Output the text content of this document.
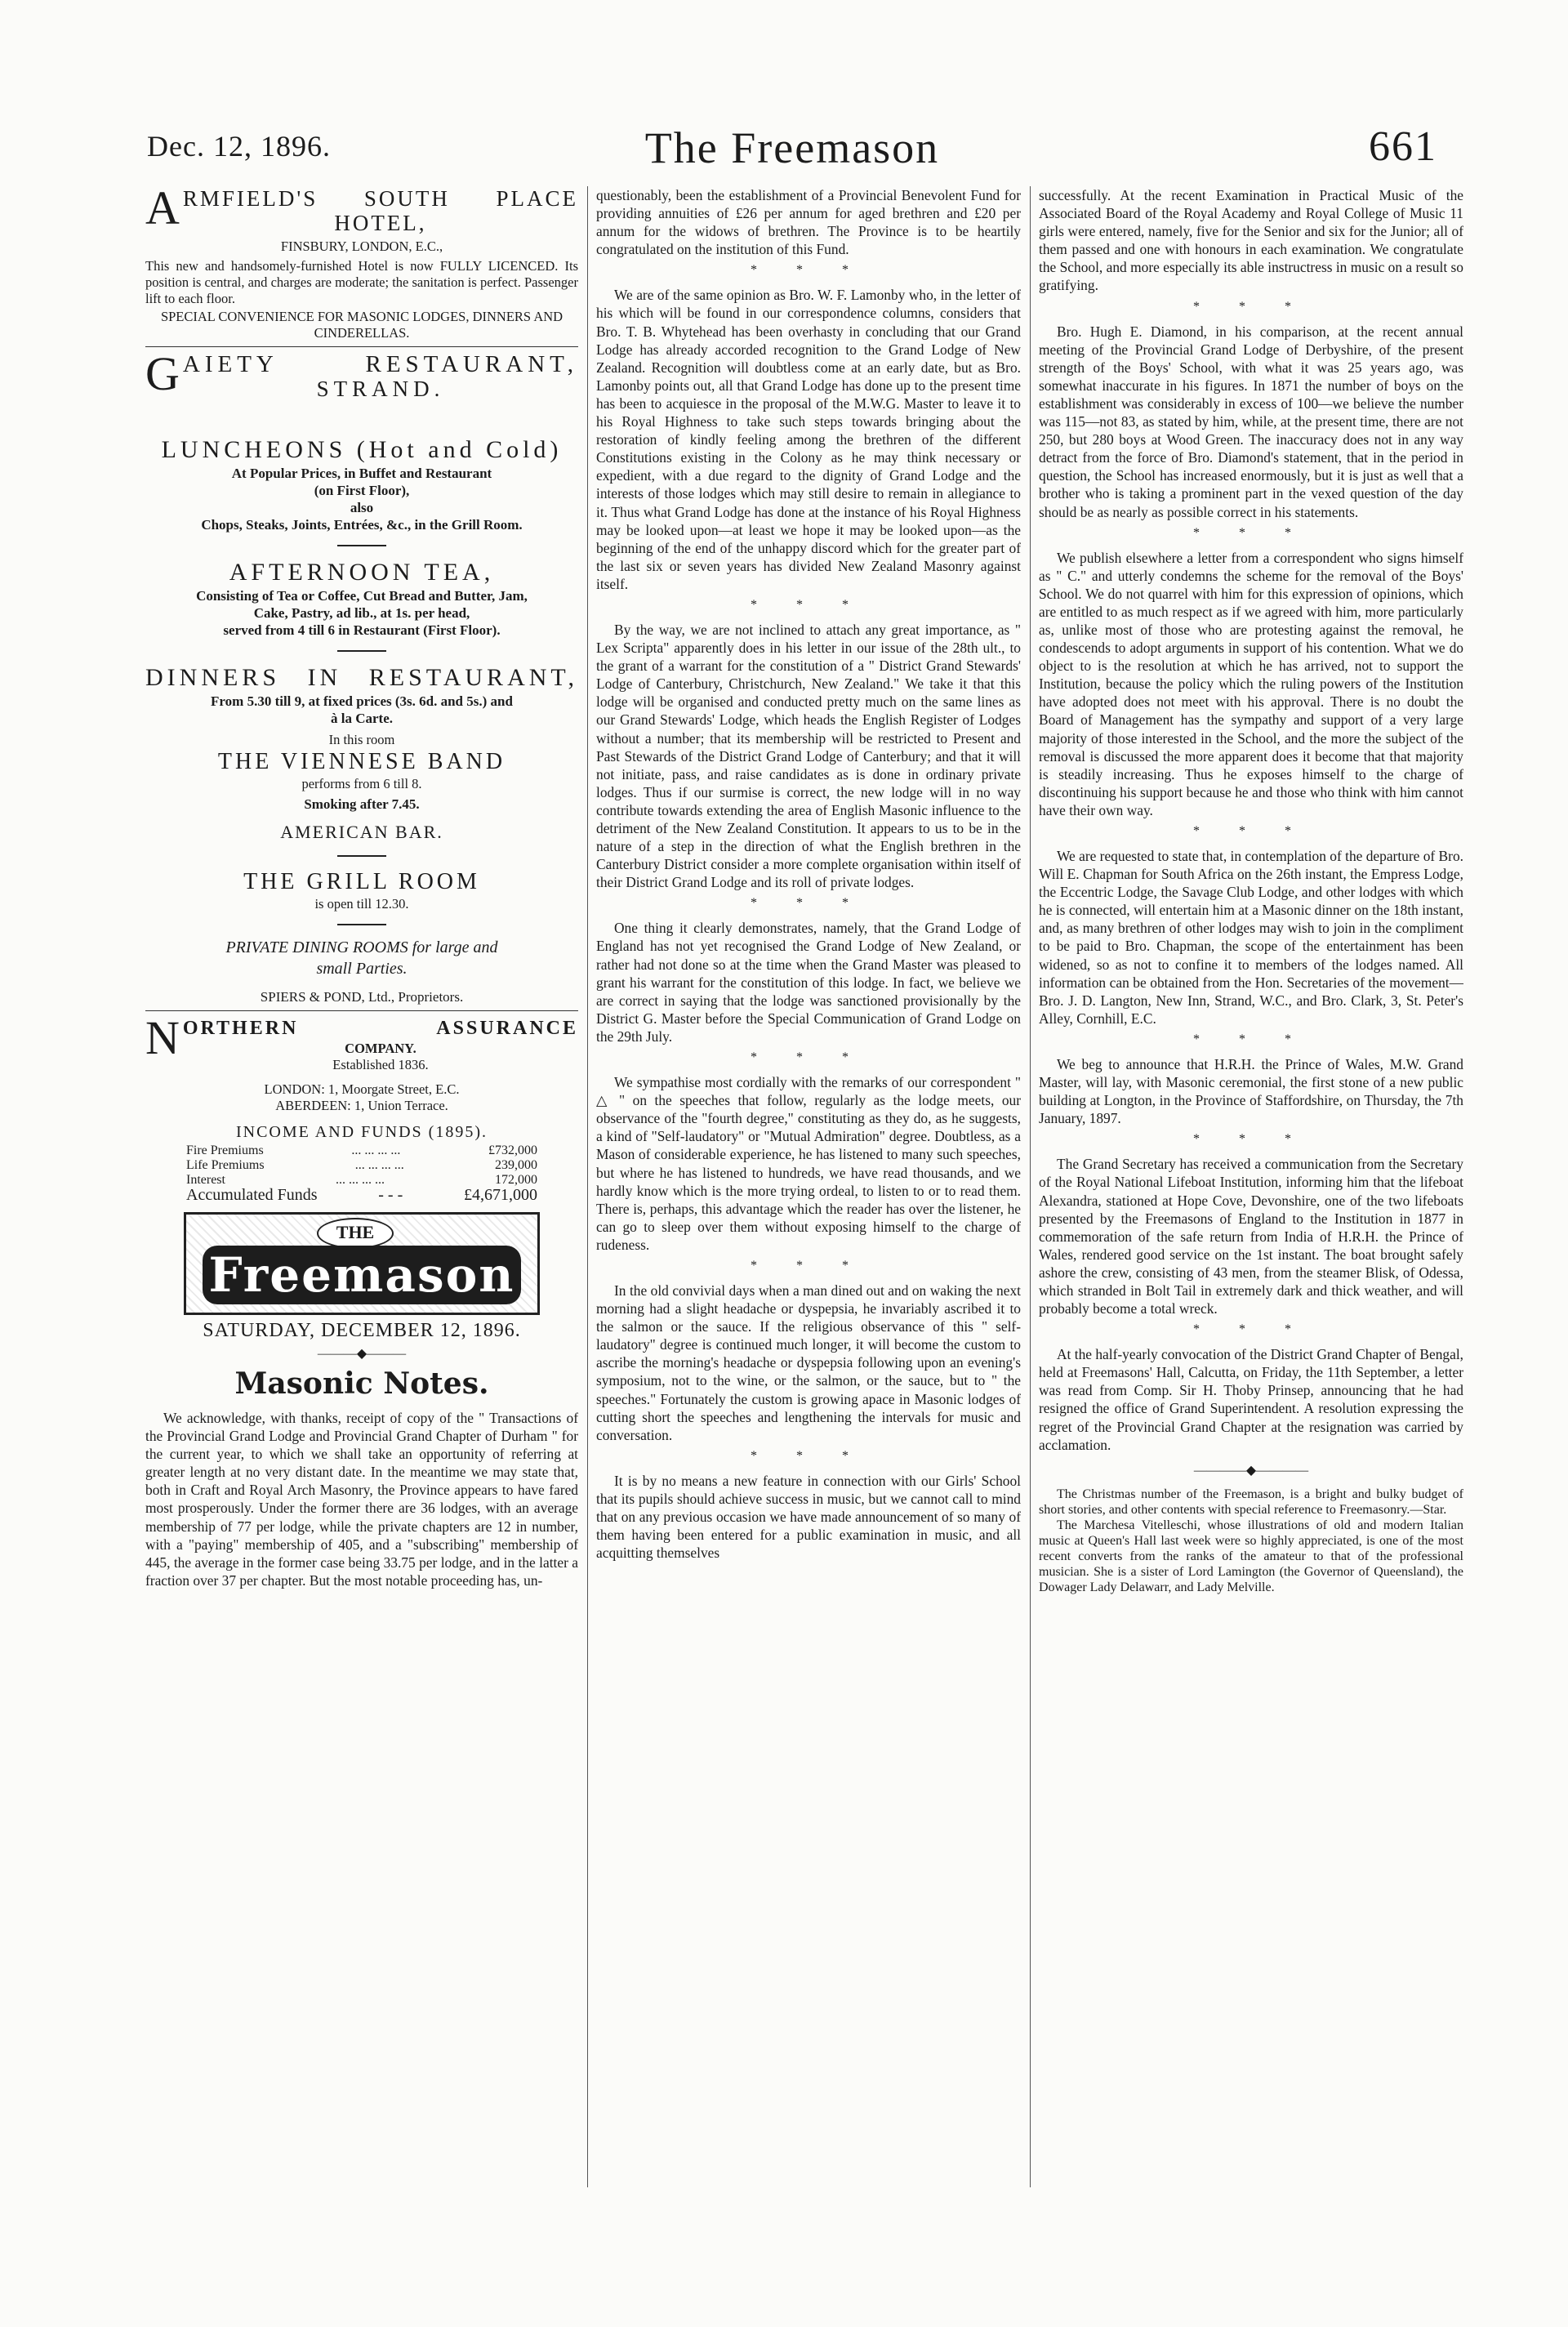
Dec. 12, 1896.	The Freemason	661
A RMFIELD'S SOUTH PLACE
HOTEL,
FINSBURY, LONDON, E.C.,
This new and handsomely-furnished Hotel is now FULLY LICENCED. Its position is central, and charges are moderate; the sanitation is perfect. Passenger lift to each floor.
SPECIAL CONVENIENCE FOR MASONIC LODGES, DINNERS AND CINDERELLAS.
G AIETY RESTAURANT,
STRAND.
LUNCHEONS (Hot and Cold)
At Popular Prices, in Buffet and Restaurant
(on First Floor),
also
Chops, Steaks, Joints, Entrées, &c., in the Grill Room.
AFTERNOON TEA,
Consisting of Tea or Coffee, Cut Bread and Butter, Jam,
Cake, Pastry, ad lib., at 1s. per head,
served from 4 till 6 in Restaurant (First Floor).
DINNERS IN RESTAURANT,
From 5.30 till 9, at fixed prices (3s. 6d. and 5s.) and
à la Carte.
In this room
THE VIENNESE BAND
performs from 6 till 8.
Smoking after 7.45.
AMERICAN BAR.
THE GRILL ROOM
is open till 12.30.
PRIVATE DINING ROOMS for large and
small Parties.
SPIERS & POND, Ltd., Proprietors.
N ORTHERN ASSURANCE
COMPANY.
Established 1836.
LONDON: 1, Moorgate Street, E.C.
ABERDEEN: 1, Union Terrace.
INCOME AND FUNDS (1895).
Fire Premiums	... ... ... ...	£732,000
Life Premiums	... ... ... ...	239,000
Interest	... ... ... ...	172,000
Accumulated Funds	- - -	£4,671,000
THE
Freemason
SATURDAY, DECEMBER 12, 1896.
———◆———
Masonic Notes.

We acknowledge, with thanks, receipt of copy of the " Transactions of the Provincial Grand Lodge and Provincial Grand Chapter of Durham " for the current year, to which we shall take an opportunity of referring at greater length at no very distant date. In the meantime we may state that, both in Craft and Royal Arch Masonry, the Province appears to have fared most prosperously. Under the former there are 36 lodges, with an average membership of 77 per lodge, while the private chapters are 12 in number, with a "paying" membership of 405, and a "subscribing" membership of 445, the average in the former case being 33.75 per lodge, and in the latter a fraction over 37 per chapter. But the most notable proceeding has, un-

questionably, been the establishment of a Provincial Benevolent Fund for providing annuities of £26 per annum for aged brethren and £20 per annum for the widows of brethren. The Province is to be heartily congratulated on the institution of this Fund.

* * *

We are of the same opinion as Bro. W. F. Lamonby who, in the letter of his which will be found in our correspondence columns, considers that Bro. T. B. Whytehead has been overhasty in concluding that our Grand Lodge has already accorded recognition to the Grand Lodge of New Zealand. Recognition will doubtless come at an early date, but as Bro. Lamonby points out, all that Grand Lodge has done up to the present time has been to acquiesce in the proposal of the M.W.G. Master to leave it to his Royal Highness to take such steps towards bringing about the restoration of kindly feeling among the brethren of the different Constitutions existing in the Colony as he may think necessary or expedient, with a due regard to the dignity of Grand Lodge and the interests of those lodges which may still desire to remain in allegiance to it. Thus what Grand Lodge has done at the instance of his Royal Highness may be looked upon—at least we hope it may be looked upon—as the beginning of the end of the unhappy discord which for the greater part of the last six or seven years has divided New Zealand Masonry against itself.

* * *

By the way, we are not inclined to attach any great importance, as " Lex Scripta" apparently does in his letter in our issue of the 28th ult., to the grant of a warrant for the constitution of a " District Grand Stewards' Lodge of Canterbury, Christchurch, New Zealand." We take it that this lodge will be organised and conducted pretty much on the same lines as our Grand Stewards' Lodge, which heads the English Register of Lodges without a number; that its membership will be restricted to Present and Past Stewards of the District Grand Lodge of Canterbury; and that it will not initiate, pass, and raise candidates as is done in ordinary private lodges. Thus if our surmise is correct, the new lodge will in no way contribute towards extending the area of English Masonic influence to the detriment of the New Zealand Constitution. It appears to us to be in the nature of a step in the direction of what the English brethren in the Canterbury District consider a more complete organisation within itself of their District Grand Lodge and its roll of private lodges.

* * *

One thing it clearly demonstrates, namely, that the Grand Lodge of England has not yet recognised the Grand Lodge of New Zealand, or rather had not done so at the time when the Grand Master was pleased to grant his warrant for the constitution of this lodge. In fact, we believe we are correct in saying that the lodge was sanctioned provisionally by the District G. Master before the Special Communication of Grand Lodge on the 29th July.

* * *

We sympathise most cordially with the remarks of our correspondent " △ " on the speeches that follow, regularly as the lodge meets, our observance of the "fourth degree," constituting as they do, as he suggests, a kind of "Self-laudatory" or "Mutual Admiration" degree. Doubtless, as a Mason of considerable experience, he has listened to many such speeches, but where he has listened to hundreds, we have read thousands, and we hardly know which is the more trying ordeal, to listen to or to read them. There is, perhaps, this advantage which the reader has over the listener, he can go to sleep over them without exposing himself to the charge of rudeness.

* * *

In the old convivial days when a man dined out and on waking the next morning had a slight headache or dyspepsia, he invariably ascribed it to the salmon or the sauce. If the religious observance of this " self-laudatory" degree is continued much longer, it will become the custom to ascribe the morning's headache or dyspepsia following upon an evening's symposium, not to the wine, or the salmon, or the sauce, but to " the speeches." Fortunately the custom is growing apace in Masonic lodges of cutting short the speeches and lengthening the intervals for music and conversation.

* * *

It is by no means a new feature in connection with our Girls' School that its pupils should achieve success in music, but we cannot call to mind that on any previous occasion we have made announcement of so many of them having been entered for a public examination in music, and all acquitting themselves

successfully. At the recent Examination in Practical Music of the Associated Board of the Royal Academy and Royal College of Music 11 girls were entered, namely, five for the Senior and six for the Junior; all of them passed and one with honours in each examination. We congratulate the School, and more especially its able instructress in music on a result so gratifying.

* * *

Bro. Hugh E. Diamond, in his comparison, at the recent annual meeting of the Provincial Grand Lodge of Derbyshire, of the present strength of the Boys' School, with what it was 25 years ago, was somewhat inaccurate in his figures. In 1871 the number of boys on the establishment was considerably in excess of 100—we believe the number was 115—not 83, as stated by him, while, at the present time, there are not 250, but 280 boys at Wood Green. The inaccuracy does not in any way detract from the force of Bro. Diamond's statement, that in the period in question, the School has increased enormously, but it is just as well that a brother who is taking a prominent part in the vexed question of the day should be as nearly as possible correct in his statements.

* * *

We publish elsewhere a letter from a correspondent who signs himself as " C." and utterly condemns the scheme for the removal of the Boys' School. We do not quarrel with him for this expression of opinions, which are entitled to as much respect as if we agreed with him, more particularly as, unlike most of those who are protesting against the removal, he condescends to adopt arguments in support of his contention. What we do object to is the resolution at which he has arrived, not to support the Institution, because the policy which the ruling powers of the Institution have adopted does not meet with his approval. There is no doubt the Board of Management has the sympathy and support of a very large majority of those interested in the School, and the more the subject of the removal is discussed the more apparent does it become that that majority is steadily increasing. Thus he exposes himself to the charge of discontinuing his support because he and those who think with him cannot have their own way.

* * *

We are requested to state that, in contemplation of the departure of Bro. Will E. Chapman for South Africa on the 26th instant, the Empress Lodge, the Eccentric Lodge, the Savage Club Lodge, and other lodges with which he is connected, will entertain him at a Masonic dinner on the 18th instant, and, as many brethren of other lodges may wish to join in the compliment to be paid to Bro. Chapman, the scope of the entertainment has been widened, so as not to confine it to members of the lodges named. All information can be obtained from the Hon. Secretaries of the movement—Bro. J. D. Langton, New Inn, Strand, W.C., and Bro. Clark, 3, St. Peter's Alley, Cornhill, E.C.

* * *

We beg to announce that H.R.H. the Prince of Wales, M.W. Grand Master, will lay, with Masonic ceremonial, the first stone of a new public building at Longton, in the Province of Staffordshire, on Thursday, the 7th January, 1897.

* * *

The Grand Secretary has received a communication from the Secretary of the Royal National Lifeboat Institution, informing him that the lifeboat Alexandra, stationed at Hope Cove, Devonshire, one of the two lifeboats presented by the Freemasons of England to the Institution in 1877 in commemoration of the safe return from India of H.R.H. the Prince of Wales, rendered good service on the 1st instant. The boat brought safely ashore the crew, consisting of 43 men, from the steamer Blisk, of Odessa, which stranded in Bolt Tail in extremely dark and thick weather, and will probably become a total wreck.

* * *

At the half-yearly convocation of the District Grand Chapter of Bengal, held at Freemasons' Hall, Calcutta, on Friday, the 11th September, a letter was read from Comp. Sir H. Thoby Prinsep, announcing that he had resigned the office of Grand Superintendent. A resolution expressing the regret of the Provincial Grand Chapter at the resignation was carried by acclamation.

————◆————

The Christmas number of the Freemason, is a bright and bulky budget of short stories, and other contents with special reference to Freemasonry.—Star.

The Marchesa Vitelleschi, whose illustrations of old and modern Italian music at Queen's Hall last week were so highly appreciated, is one of the most recent converts from the ranks of the amateur to that of the professional musician. She is a sister of Lord Lamington (the Governor of Queensland), the Dowager Lady Delawarr, and Lady Melville.
